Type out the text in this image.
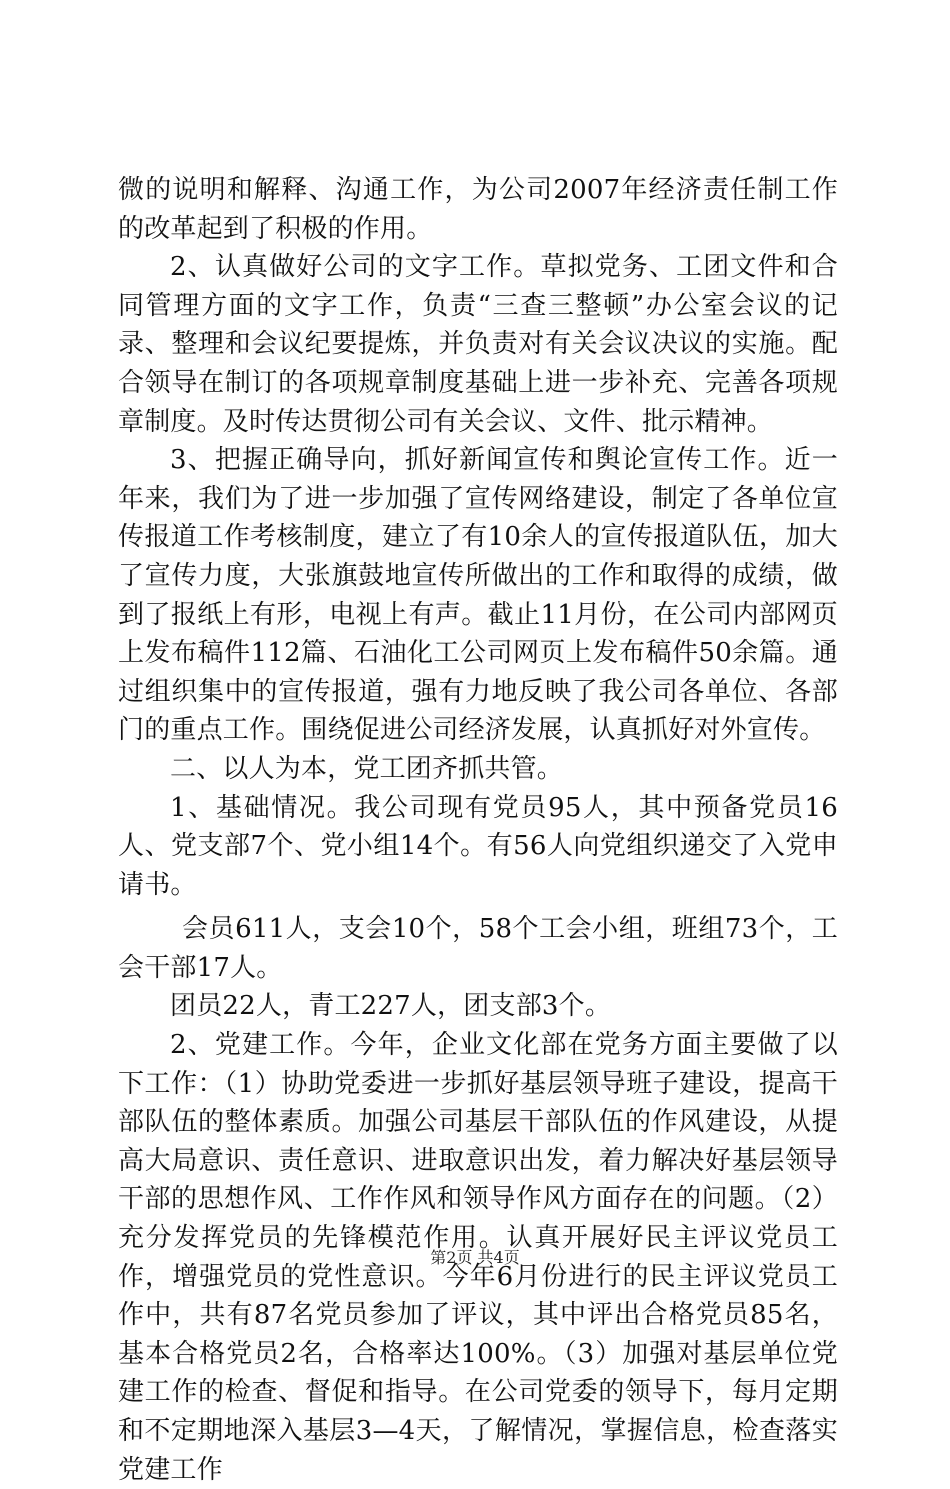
微的说明和解释、沟通工作，为公司2007年经济责任制工作的改革起到了积极的作用。

2、认真做好公司的文字工作。草拟党务、工团文件和合同管理方面的文字工作，负责“三查三整顿”办公室会议的记录、整理和会议纪要提炼，并负责对有关会议决议的实施。配合领导在制订的各项规章制度基础上进一步补充、完善各项规章制度。及时传达贯彻公司有关会议、文件、批示精神。

3、把握正确导向，抓好新闻宣传和舆论宣传工作。近一年来，我们为了进一步加强了宣传网络建设，制定了各单位宣传报道工作考核制度，建立了有10余人的宣传报道队伍，加大了宣传力度，大张旗鼓地宣传所做出的工作和取得的成绩，做到了报纸上有形，电视上有声。截止11月份，在公司内部网页上发布稿件112篇、石油化工公司网页上发布稿件50余篇。通过组织集中的宣传报道，强有力地反映了我公司各单位、各部门的重点工作。围绕促进公司经济发展，认真抓好对外宣传。

二、以人为本，党工团齐抓共管。

1、基础情况。我公司现有党员95人，其中预备党员16人、党支部7个、党小组14个。有56人向党组织递交了入党申请书。

会员611人，支会10个，58个工会小组，班组73个，工会干部17人。

团员22人，青工227人，团支部3个。

2、党建工作。今年，企业文化部在党务方面主要做了以下工作：（1）协助党委进一步抓好基层领导班子建设，提高干部队伍的整体素质。加强公司基层干部队伍的作风建设，从提高大局意识、责任意识、进取意识出发，着力解决好基层领导干部的思想作风、工作作风和领导作风方面存在的问题。（2）充分发挥党员的先锋模范作用。认真开展好民主评议党员工作，增强党员的党性意识。今年6月份进行的民主评议党员工作中，共有87名党员参加了评议，其中评出合格党员85名，基本合格党员2名，合格率达100%。（3）加强对基层单位党建工作的检查、督促和指导。在公司党委的领导下，每月定期和不定期地深入基层3—4天，了解情况，掌握信息，检查落实党建工作

第2页 共4页
